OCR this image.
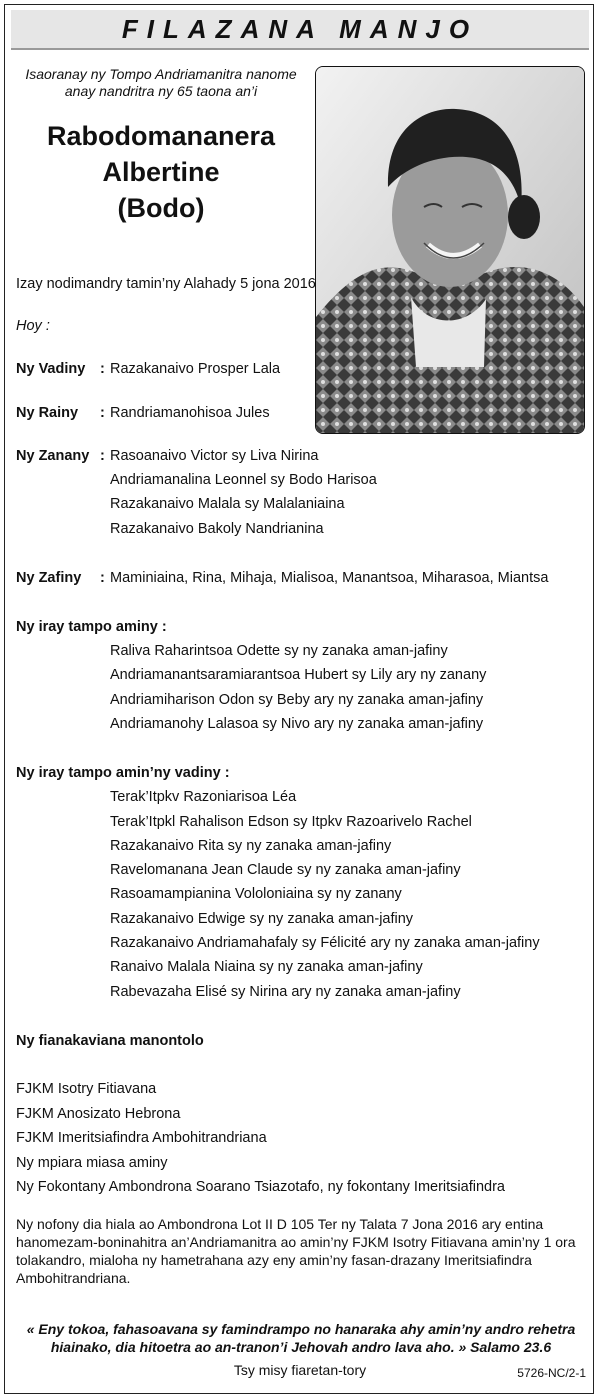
FILAZANA MANJO
Isaoranay ny Tompo Andriamanitra nanome
anay nandritra ny 65 taona an’i
Rabodomananera
Albertine
(Bodo)
Izay nodimandry tamin’ny Alahady 5 jona 2016
Hoy :
Ny Vadiny : Razakanaivo Prosper Lala
Ny Rainy : Randriamanohisoa Jules
Ny Zanany : Rasoanaivo Victor sy Liva Nirina
Andriamanalina Leonnel sy Bodo Harisoa
Razakanaivo Malala sy Malalaniaina
Razakanaivo Bakoly Nandrianina
Ny Zafiny : Maminiaina, Rina, Mihaja, Mialisoa, Manantsoa, Miharasoa, Miantsa
Ny iray tampo aminy :
Raliva Raharintsoa Odette sy ny zanaka aman-jafiny
Andriamanantsaramiarantsoa Hubert sy Lily ary ny zanany
Andriamiharison Odon sy Beby ary ny zanaka aman-jafiny
Andriamanohy Lalasoa sy Nivo ary ny zanaka aman-jafiny
Ny iray tampo amin’ny vadiny :
Terak’Itpkv Razoniarisoa Léa
Terak’Itpkl Rahalison Edson sy Itpkv Razoarivelo Rachel
Razakanaivo Rita sy ny zanaka aman-jafiny
Ravelomanana Jean Claude sy ny zanaka aman-jafiny
Rasoamampianina Vololoniaina sy ny zanany
Razakanaivo Edwige sy ny zanaka aman-jafiny
Razakanaivo Andriamahafaly sy Félicité ary ny zanaka aman-jafiny
Ranaivo Malala Niaina sy ny zanaka aman-jafiny
Rabevazaha Elisé sy Nirina ary ny zanaka aman-jafiny
Ny fianakaviana manontolo
FJKM Isotry Fitiavana
FJKM Anosizato Hebrona
FJKM Imeritsiafindra Ambohitrandriana
Ny mpiara miasa aminy
Ny Fokontany Ambondrona Soarano Tsiazotafo, ny fokontany Imeritsiafindra
Ny nofony dia hiala ao Ambondrona Lot II D 105 Ter ny Talata 7 Jona 2016 ary entina
hanomezam-boninahitra an’Andriamanitra ao amin’ny FJKM Isotry Fitiavana amin’ny 1 ora
tolakandro, mialoha ny hametrahana azy eny amin’ny fasan-drazany Imeritsiafindra
Ambohitrandriana.
« Eny tokoa, fahasoavana sy famindrampo no hanaraka ahy amin’ny andro rehetra
hiainako, dia hitoetra ao an-tranon’i Jehovah andro lava aho. » Salamo 23.6
Tsy misy fiaretan-tory	5726-NC/2-1
